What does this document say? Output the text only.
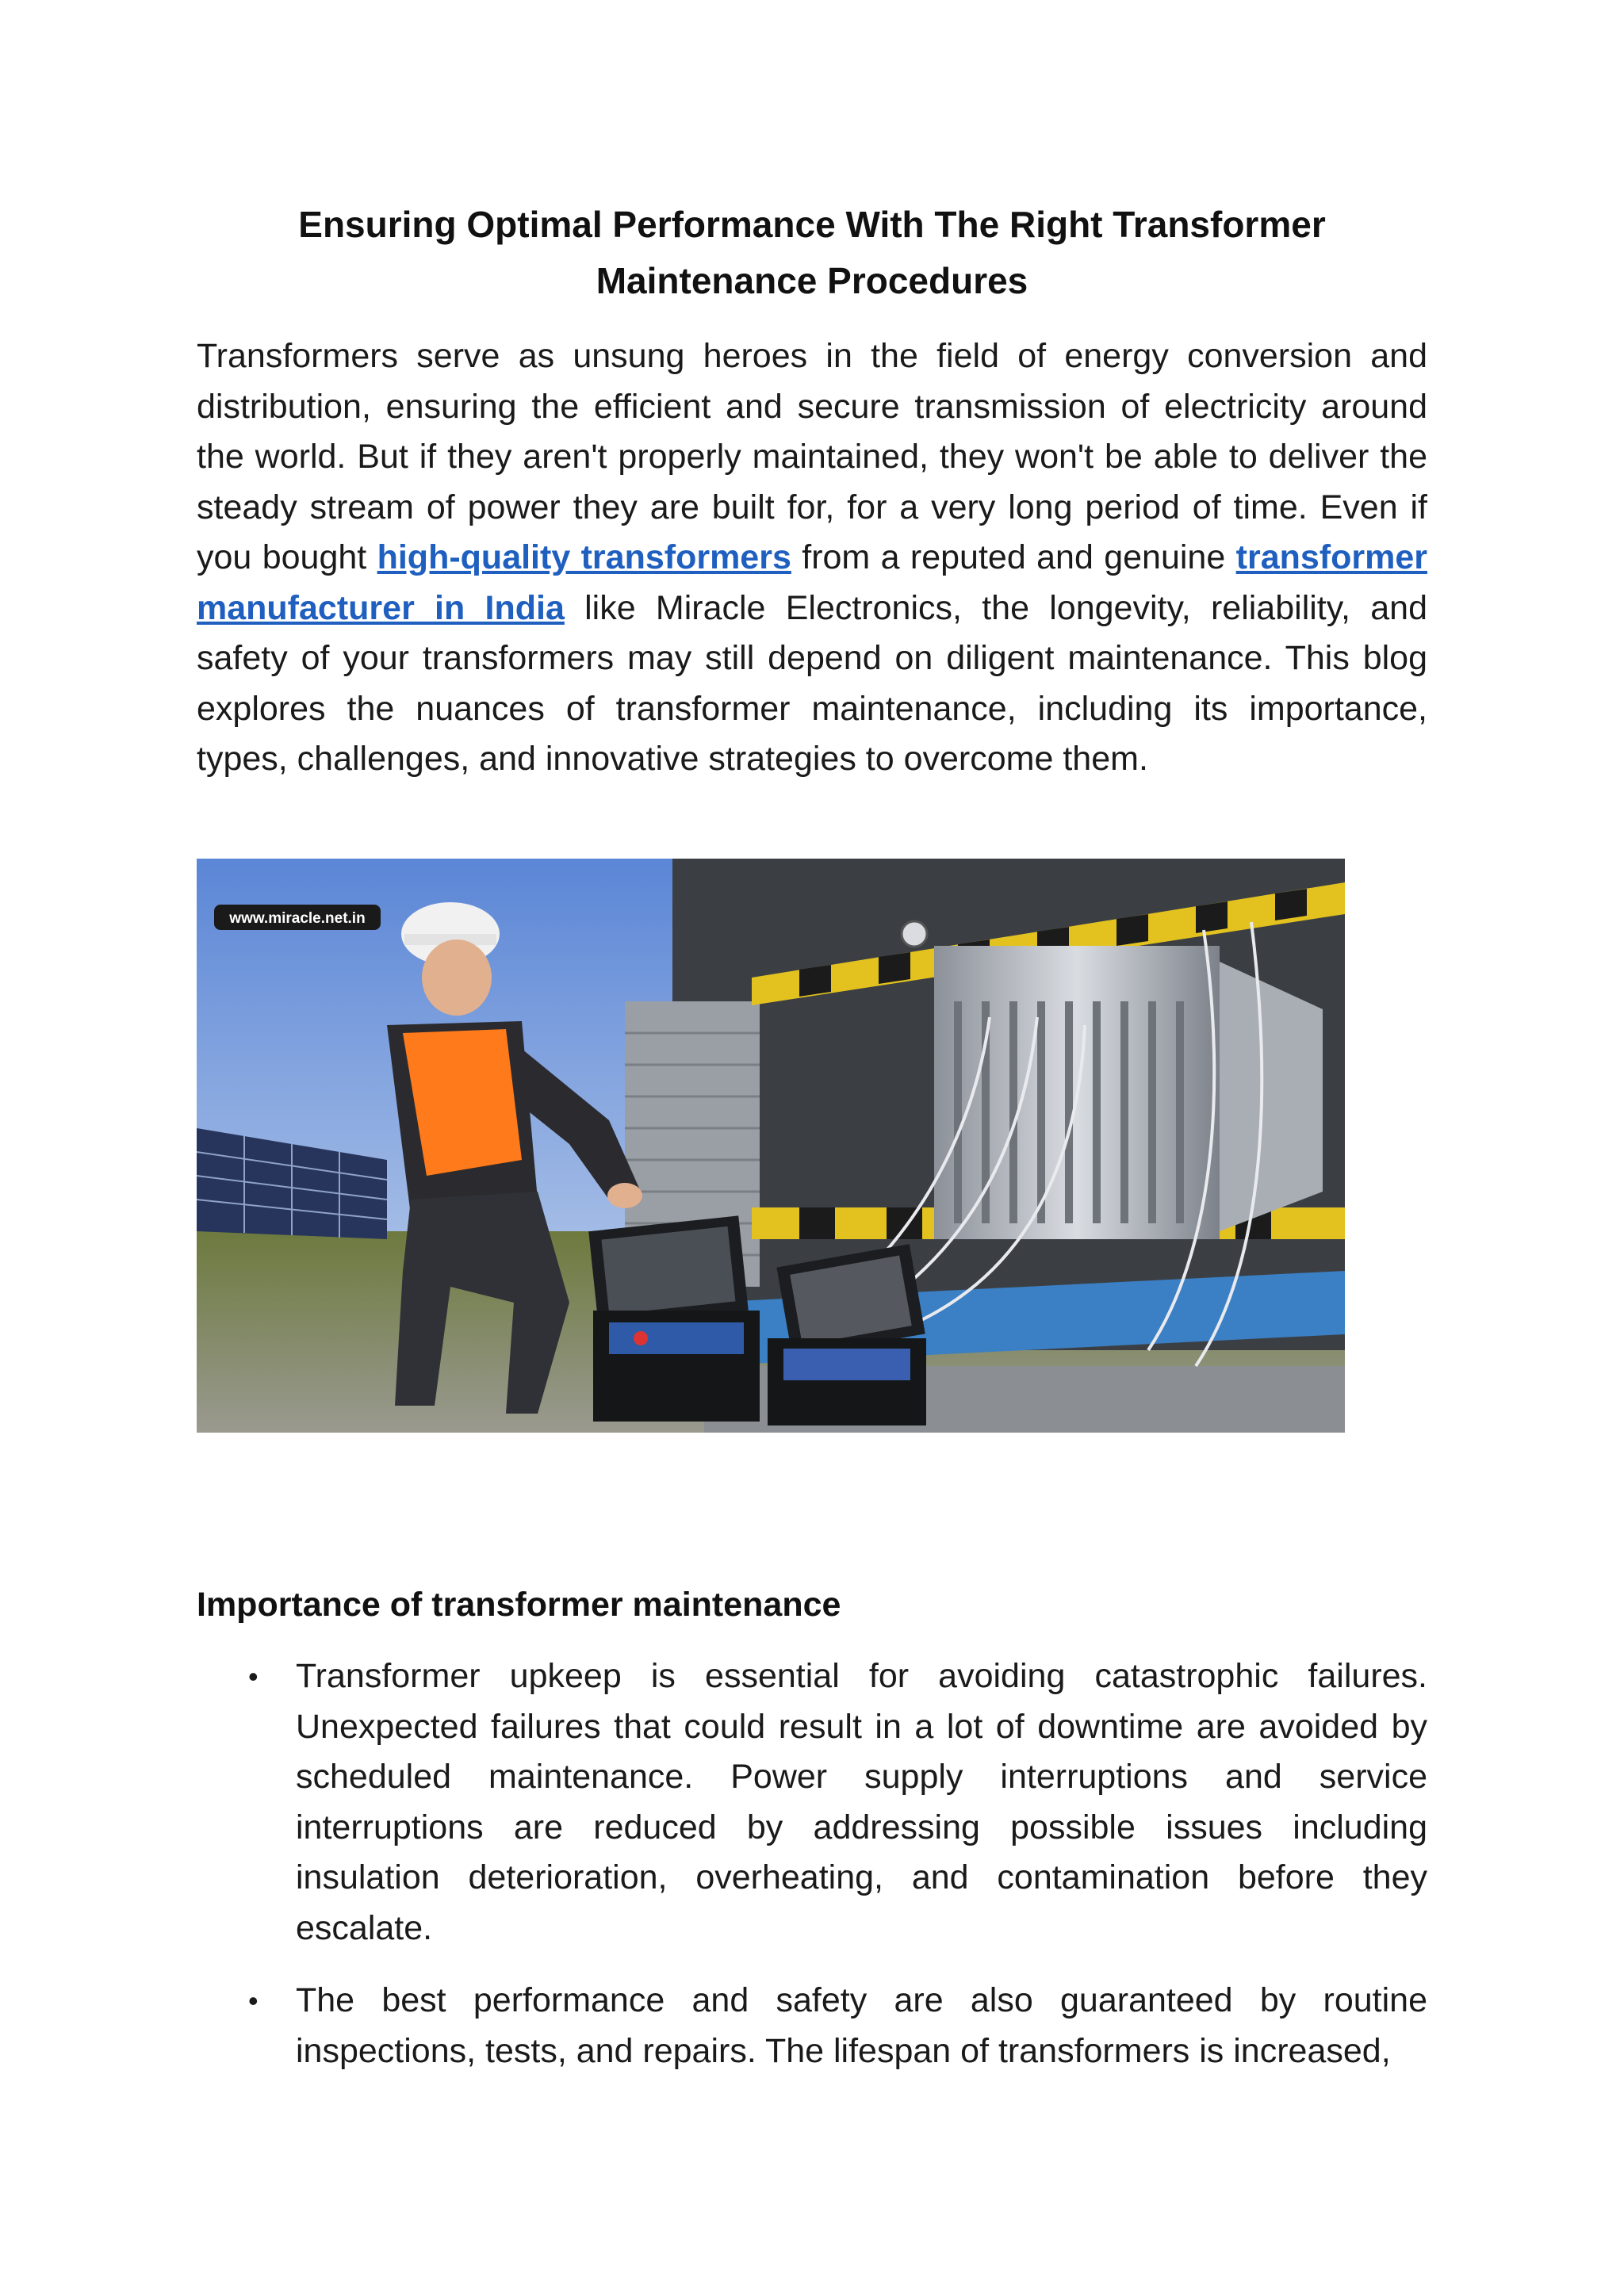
Ensuring Optimal Performance With The Right Transformer
Maintenance Procedures
Transformers serve as unsung heroes in the field of energy conversion and distribution, ensuring the efficient and secure transmission of electricity around the world. But if they aren't properly maintained, they won't be able to deliver the steady stream of power they are built for, for a very long period of time. Even if you bought high-quality transformers from a reputed and genuine transformer manufacturer in India like Miracle Electronics, the longevity, reliability, and safety of your transformers may still depend on diligent maintenance. This blog explores the nuances of transformer maintenance, including its importance, types, challenges, and innovative strategies to overcome them.
www.miracle.net.in
Importance of transformer maintenance
• Transformer upkeep is essential for avoiding catastrophic failures. Unexpected failures that could result in a lot of downtime are avoided by scheduled maintenance. Power supply interruptions and service interruptions are reduced by addressing possible issues including insulation deterioration, overheating, and contamination before they escalate.
• The best performance and safety are also guaranteed by routine inspections, tests, and repairs. The lifespan of transformers is increased,
